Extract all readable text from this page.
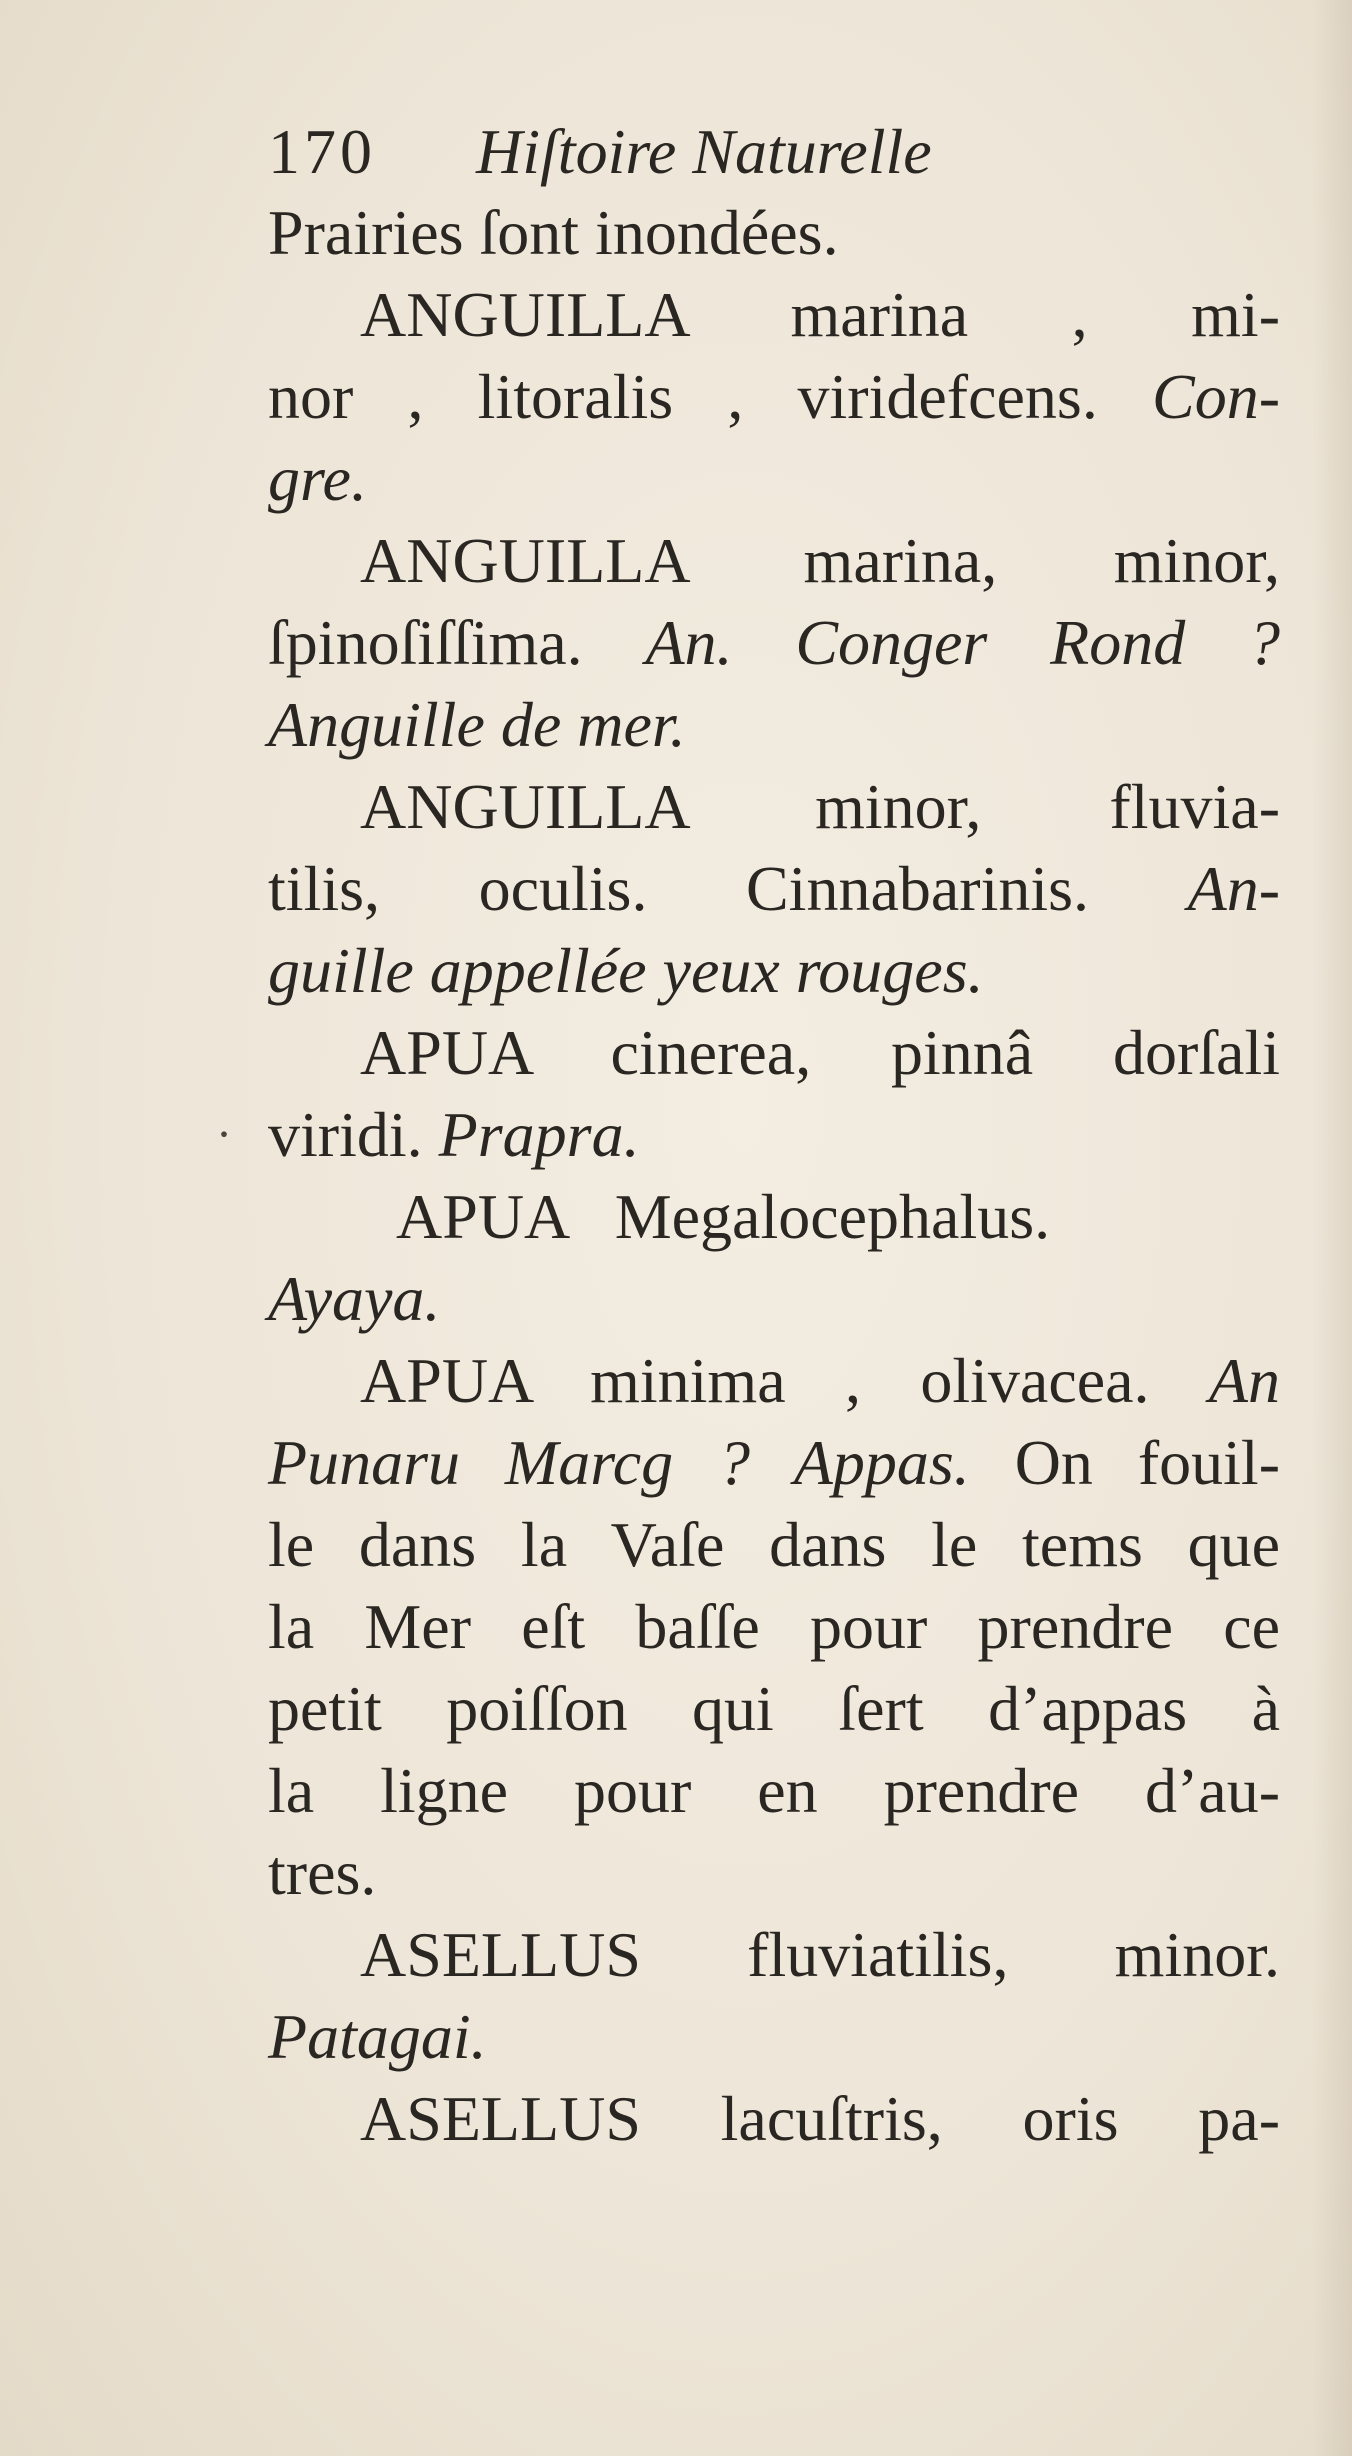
170 Hiſtoire Naturelle
Prairies ſont inondées.
ANGUILLA marina , mi-
nor , litoralis , viridefcens. Con-
gre.
ANGUILLA marina, minor,
ſpinoſiſſima. An. Conger Rond ?
Anguille de mer.
ANGUILLA minor, fluvia-
tilis, oculis. Cinnabarinis. An-
guille appellée yeux rouges.
APUA cinerea, pinnâ dorſali
· viridi. Prapra.
APUA   Megalocephalus.
Ayaya.
APUA minima , olivacea. An
Punaru Marcg ? Appas. On fouil-
le dans la Vaſe dans le tems que
la Mer eſt baſſe pour prendre ce
petit poiſſon qui ſert d’appas à
la ligne pour en prendre d’au-
tres.
ASELLUS fluviatilis, minor.
Patagai.
ASELLUS lacuſtris, oris pa-
